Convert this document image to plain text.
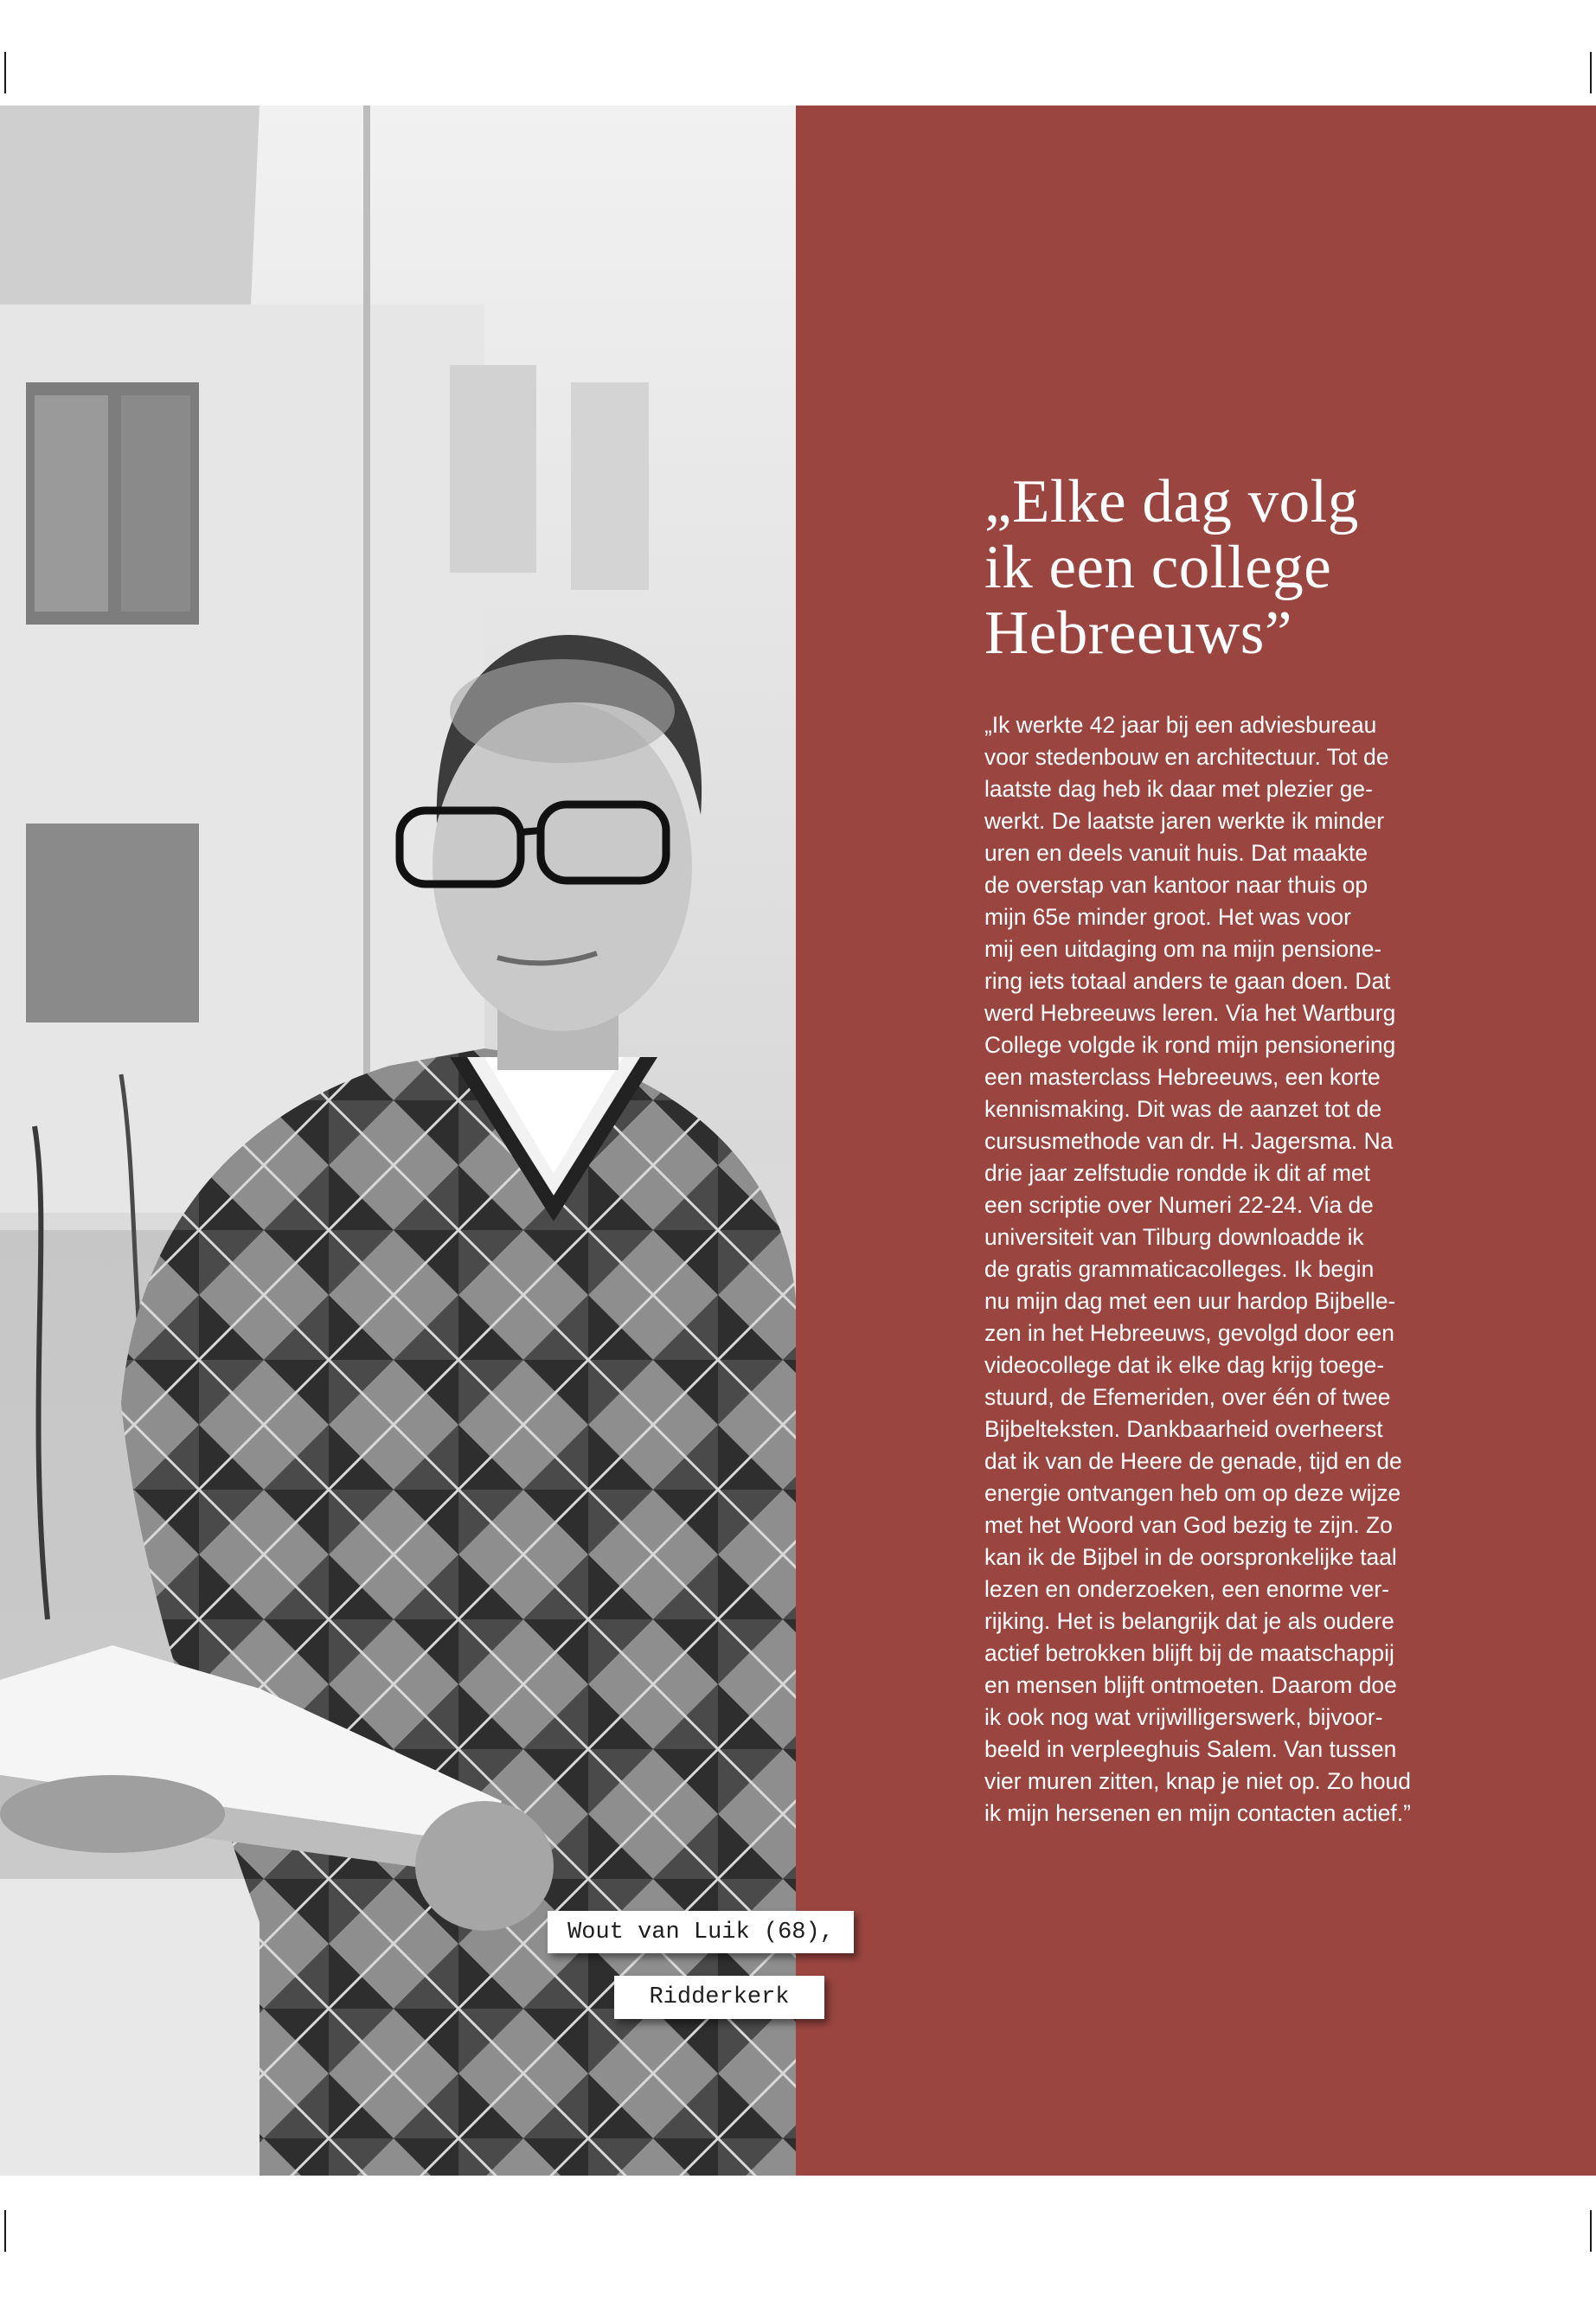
„Elke dag volg
ik een college
Hebreeuws”

„Ik werkte 42 jaar bij een adviesbureau
voor stedenbouw en architectuur. Tot de
laatste dag heb ik daar met plezier ge-
werkt. De laatste jaren werkte ik minder
uren en deels vanuit huis. Dat maakte
de overstap van kantoor naar thuis op
mijn 65e minder groot. Het was voor
mij een uitdaging om na mijn pensione-
ring iets totaal anders te gaan doen. Dat
werd Hebreeuws leren. Via het Wartburg
College volgde ik rond mijn pensionering
een masterclass Hebreeuws, een korte
kennismaking. Dit was de aanzet tot de
cursusmethode van dr. H. Jagersma. Na
drie jaar zelfstudie rondde ik dit af met
een scriptie over Numeri 22-24. Via de
universiteit van Tilburg downloadde ik
de gratis grammaticacolleges. Ik begin
nu mijn dag met een uur hardop Bijbelle-
zen in het Hebreeuws, gevolgd door een
videocollege dat ik elke dag krijg toege-
stuurd, de Efemeriden, over één of twee
Bijbelteksten. Dankbaarheid overheerst
dat ik van de Heere de genade, tijd en de
energie ontvangen heb om op deze wijze
met het Woord van God bezig te zijn. Zo
kan ik de Bijbel in de oorspronkelijke taal
lezen en onderzoeken, een enorme ver-
rijking. Het is belangrijk dat je als oudere
actief betrokken blijft bij de maatschappij
en mensen blijft ontmoeten. Daarom doe
ik ook nog wat vrijwilligerswerk, bijvoor-
beeld in verpleeghuis Salem. Van tussen
vier muren zitten, knap je niet op. Zo houd
ik mijn hersenen en mijn contacten actief.”

Wout van Luik (68),
Ridderkerk
